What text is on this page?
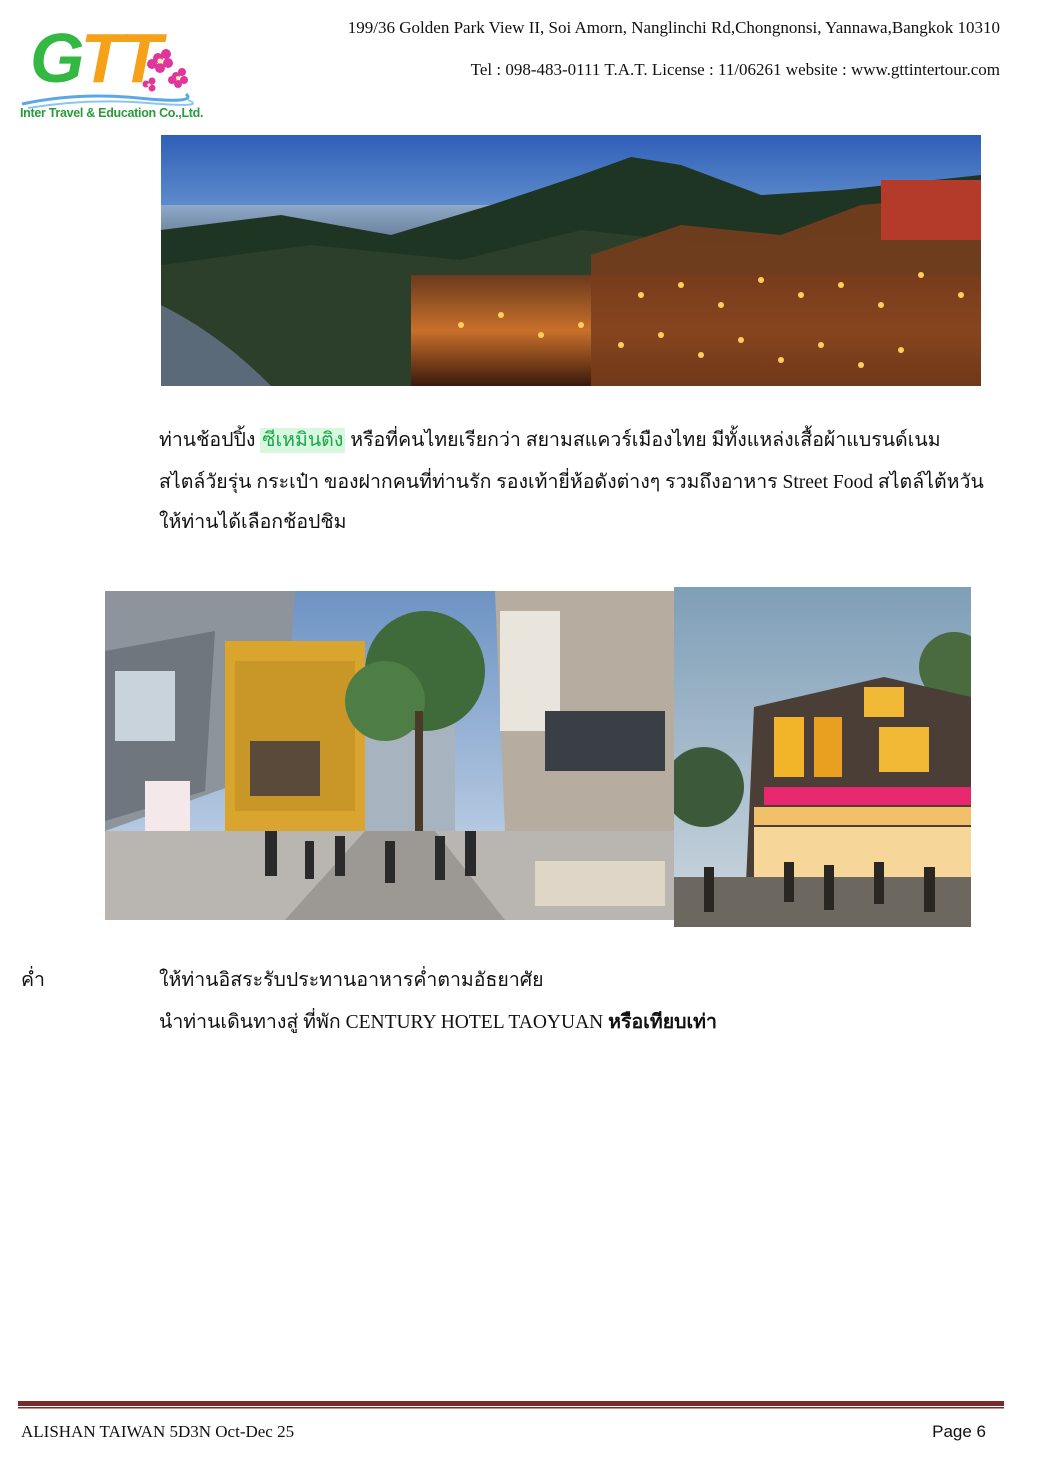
GTT
Inter Travel & Education Co.,Ltd.
199/36 Golden Park View II, Soi Amorn, Nanglinchi Rd,Chongnonsi, Yannawa,Bangkok 10310
Tel : 098-483-0111 T.A.T. License : 11/06261 website : www.gttintertour.com
ท่านช้อปปิ้ง ซีเหมินติง หรือที่คนไทยเรียกว่า สยามสแควร์เมืองไทย มีทั้งแหล่งเสื้อผ้าแบรนด์เนม
สไตล์วัยรุ่น กระเป๋า ของฝากคนที่ท่านรัก รองเท้ายี่ห้อดังต่างๆ รวมถึงอาหาร Street Food สไตล์ไต้หวัน
ให้ท่านได้เลือกช้อปชิม
ค่ำ	ให้ท่านอิสระรับประทานอาหารค่ำตามอัธยาศัย
นำท่านเดินทางสู่ ที่พัก CENTURY HOTEL TAOYUAN หรือเทียบเท่า
ALISHAN TAIWAN 5D3N Oct-Dec 25	Page 6
